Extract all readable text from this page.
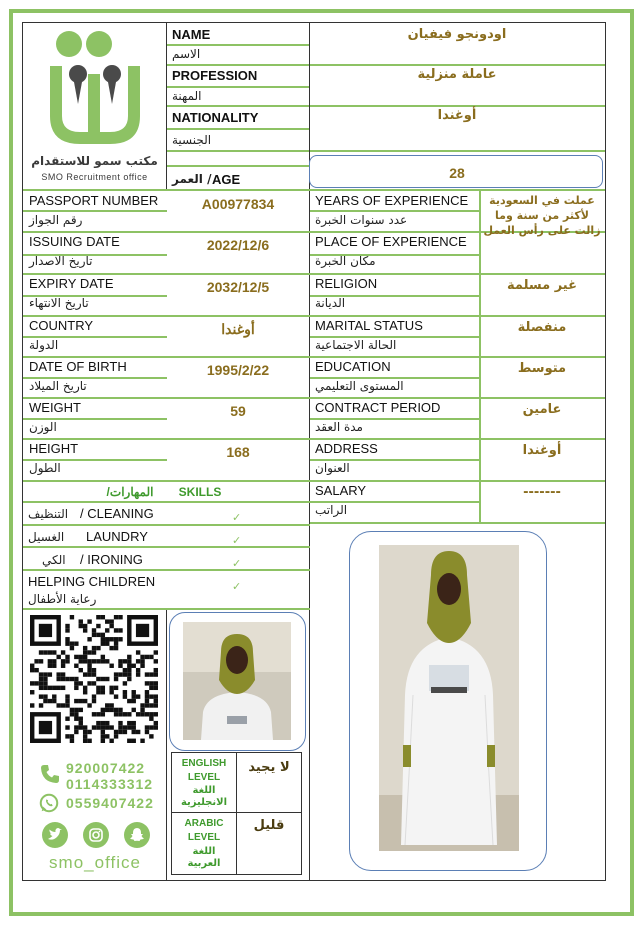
مكتب سمو للاستقدام
SMO Recruitment office
NAME
الاسم
اودونجو فيفيان
PROFESSION
المهنة
عاملة منزلية
NATIONALITY
الجنسية
أوغندا
العمر / AGE	28
PASSPORT NUMBER
رقم الجواز
A00977834
ISSUING DATE
تاريخ الاصدار
2022/12/6
EXPIRY DATE
تاريخ الانتهاء
2032/12/5
COUNTRY
الدولة
أوغندا
DATE OF BIRTH
تاريخ الميلاد
1995/2/22
WEIGHT
الوزن
59
HEIGHT
الطول
168
YEARS OF EXPERIENCE
عدد سنوات الخبرة
عملت في السعودية لأكثر من سنة وما زالت على رأس العمل
PLACE OF EXPERIENCE
مكان الخبرة
RELIGION
الديانة
غير مسلمة
MARITAL STATUS
الحالة الاجتماعية
منفصلة
EDUCATION
المستوى التعليمي
متوسط
CONTRACT PERIOD
مدة العقد
عامين
ADDRESS
العنوان
أوغندا
SALARY
الراتب
-------
/المهارات	SKILLS
/ CLEANING
التنظيف	✓
LAUNDRY
الغسيل	✓
/ IRONING
الكي	✓
HELPING CHILDREN
رعاية الأطفال
✓
920007422
0114333312
0559407422
smo_office
ENGLISH LEVEL
اللغة الانجليزية
لا يجيد
ARABIC LEVEL
اللغة العربية
قليل
